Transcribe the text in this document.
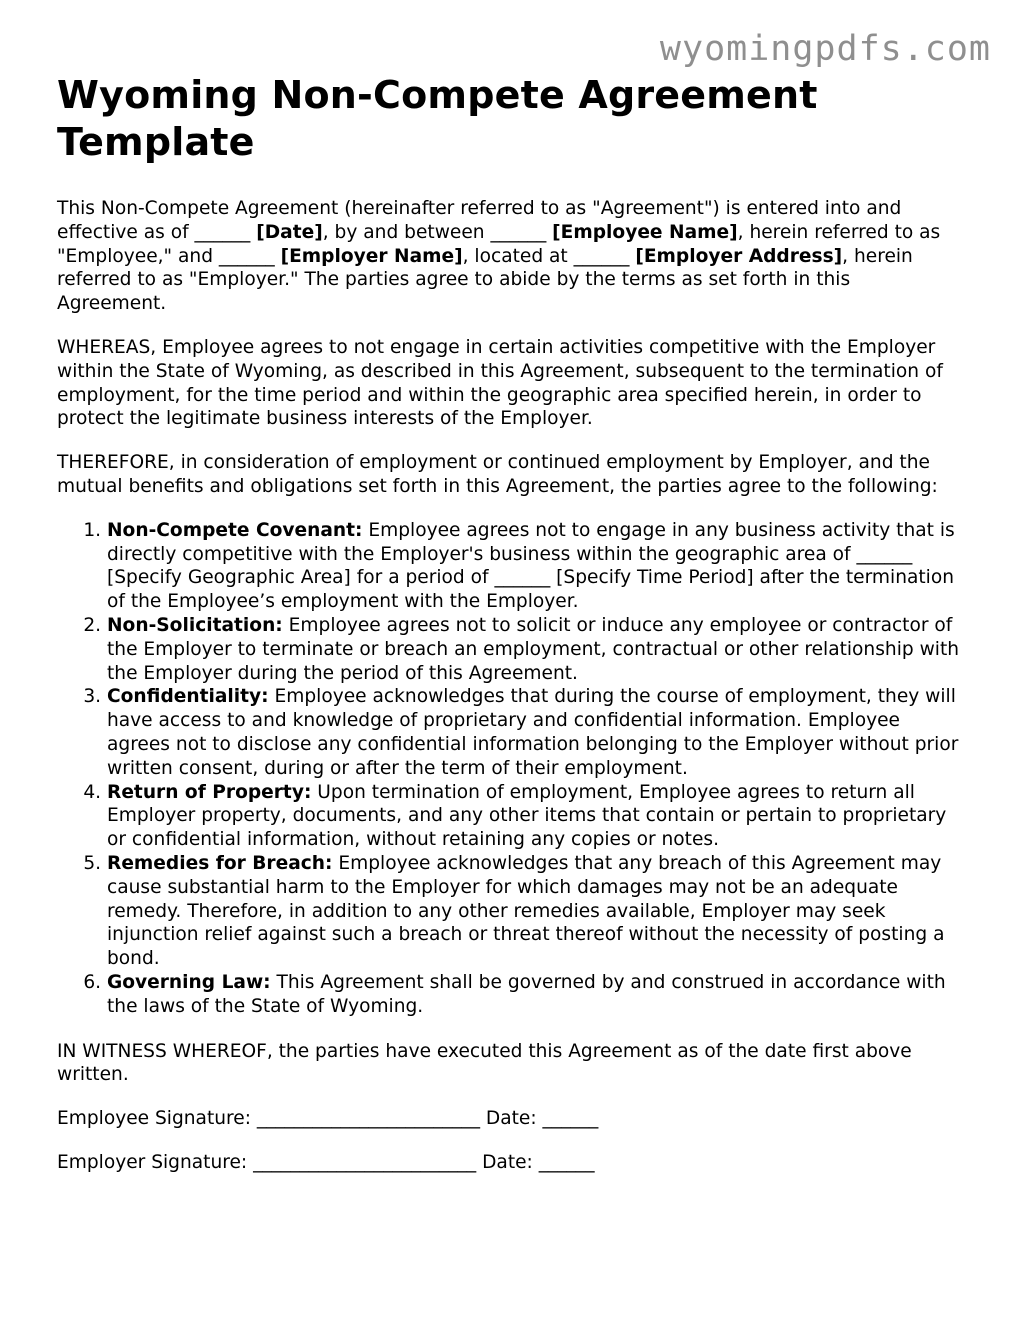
wyomingpdfs.com
Wyoming Non-Compete Agreement Template

This Non-Compete Agreement (hereinafter referred to as "Agreement") is entered into and effective as of ______ [Date], by and between ______ [Employee Name], herein referred to as "Employee," and ______ [Employer Name], located at ______ [Employer Address], herein referred to as "Employer." The parties agree to abide by the terms as set forth in this Agreement.

WHEREAS, Employee agrees to not engage in certain activities competitive with the Employer within the State of Wyoming, as described in this Agreement, subsequent to the termination of employment, for the time period and within the geographic area specified herein, in order to protect the legitimate business interests of the Employer.

THEREFORE, in consideration of employment or continued employment by Employer, and the mutual benefits and obligations set forth in this Agreement, the parties agree to the following:

1. Non-Compete Covenant: Employee agrees not to engage in any business activity that is directly competitive with the Employer's business within the geographic area of ______ [Specify Geographic Area] for a period of ______ [Specify Time Period] after the termination of the Employee’s employment with the Employer.
2. Non-Solicitation: Employee agrees not to solicit or induce any employee or contractor of the Employer to terminate or breach an employment, contractual or other relationship with the Employer during the period of this Agreement.
3. Confidentiality: Employee acknowledges that during the course of employment, they will have access to and knowledge of proprietary and confidential information. Employee agrees not to disclose any confidential information belonging to the Employer without prior written consent, during or after the term of their employment.
4. Return of Property: Upon termination of employment, Employee agrees to return all Employer property, documents, and any other items that contain or pertain to proprietary or confidential information, without retaining any copies or notes.
5. Remedies for Breach: Employee acknowledges that any breach of this Agreement may cause substantial harm to the Employer for which damages may not be an adequate remedy. Therefore, in addition to any other remedies available, Employer may seek injunction relief against such a breach or threat thereof without the necessity of posting a bond.
6. Governing Law: This Agreement shall be governed by and construed in accordance with the laws of the State of Wyoming.

IN WITNESS WHEREOF, the parties have executed this Agreement as of the date first above written.

Employee Signature: ________________________ Date: ______

Employer Signature: ________________________ Date: ______
